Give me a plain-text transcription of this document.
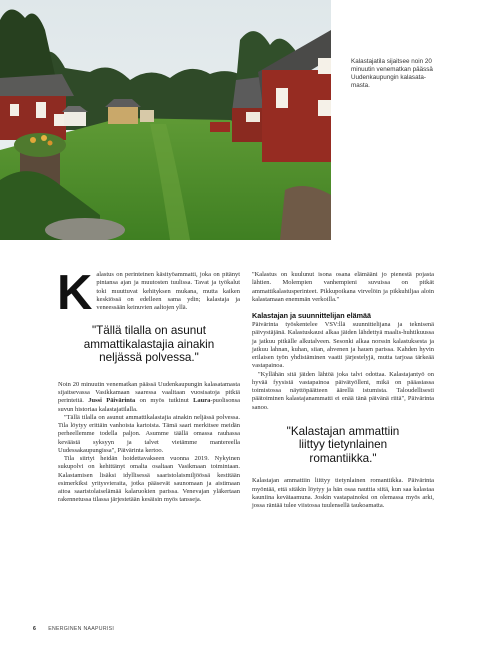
Kalastajatila sijaitsee noin 20
minuutin venematkan päässä
Uudenkaupungin kalasata-
masta.

Kalastus on perinteinen käsityöammatti, joka on pitänyt pintansa ajan ja muutosten tuulissa. Tavat ja työkalut toki muuttuvat kehityksen mukana, mutta kaiken keskiössä on edelleen sama ydin; kalastaja ja veneessään keinuvien aaltojen yllä.

"Tällä tilalla on asunut
ammattikalastajia ainakin
neljässä polvessa."

Noin 20 minuutin venematkan päässä Uudenkaupungin kalasatamasta sijaitsevassa Vasikkamaan saaressa vaalitaan vuosisatoja pitkiä perinteitä. Jussi Päivärinta on myös tutkinut Laura-puolisonsa suvun historiaa kalastajatilalla.

"Tällä tilalla on asunut ammattikalastajia ainakin neljässä polvessa. Tila löytyy erittäin vanhoista kartoista. Tämä saari merkitsee meidän perheellemme todella paljon. Asumme täällä omassa rauhassa keväästä syksyyn ja talvet vietämme mantereella Uudessakaupungissa", Päivärinta kertoo.

Tila siirtyi heidän hoidettavakseen vuonna 2019. Nykyinen sukupolvi on kehittänyt omalta osaltaan Vasikmaan toimintaan. Kalastamisen lisäksi idyllisessä saaristolaismiljöössä kestitään esimerkiksi yritysvieraita, jotka pääsevät saunomaan ja aistimaan aitoa saaristolaiselämää kalaruokien parissa. Venevajan yläkertaan rakennetussa tilassa järjestetään kesäisin myös tansseja.

"Kalastus on kuulunut isona osana elämääni jo pienestä pojasta lähtien. Molempien vanhempieni suvuissa on pitkät ammattikalastusperinteet. Pikkupoikana virvelöin ja pikkuhiljaa aloin kalastamaan enemmän verkoilla."

Kalastajan ja suunnittelijan elämää

Päivärinta työskentelee VSV:llä suunnittelijana ja teknisenä päivystäjänä. Kalastuskausi alkaa jäiden lähdettyä maalis-huhtikuussa ja jatkuu pitkälle alkutalveen. Sesonki alkaa norssin kalastuksesta ja jatkuu lahnan, kuhan, siian, ahvenen ja hauen parissa. Kahden hyvin erilaisen työn yhdistäminen vaatii järjestelyjä, mutta tarjoaa tärkeää vastapainoa.

"Kyllähän sitä jäiden lähtöä joka talvi odottaa. Kalastajantyö on hyvää fyysistä vastapainoa päivätyölleni, mikä on pääasiassa toimistossa näyttöpäätteen äärellä istumista. Taloudellisesti päätoiminen kalastajanammatti ei enää tänä päivänä riitä", Päivärinta sanoo.

"Kalastajan ammattiin
liittyy tietynlainen
romantiikka."

Kalastajan ammattiin liittyy tietynlainen romantiikka. Päivärinta myöntää, että sitäkin löytyy ja hän osaa nauttia siitä, kun saa kalastaa kauniina kevätaamuna. Joskin vastapainoksi on olemassa myös arki, jossa räntää tulee viistossa tuulensellä taukoamatta.

6 ENERGINEN NAAPURISI
